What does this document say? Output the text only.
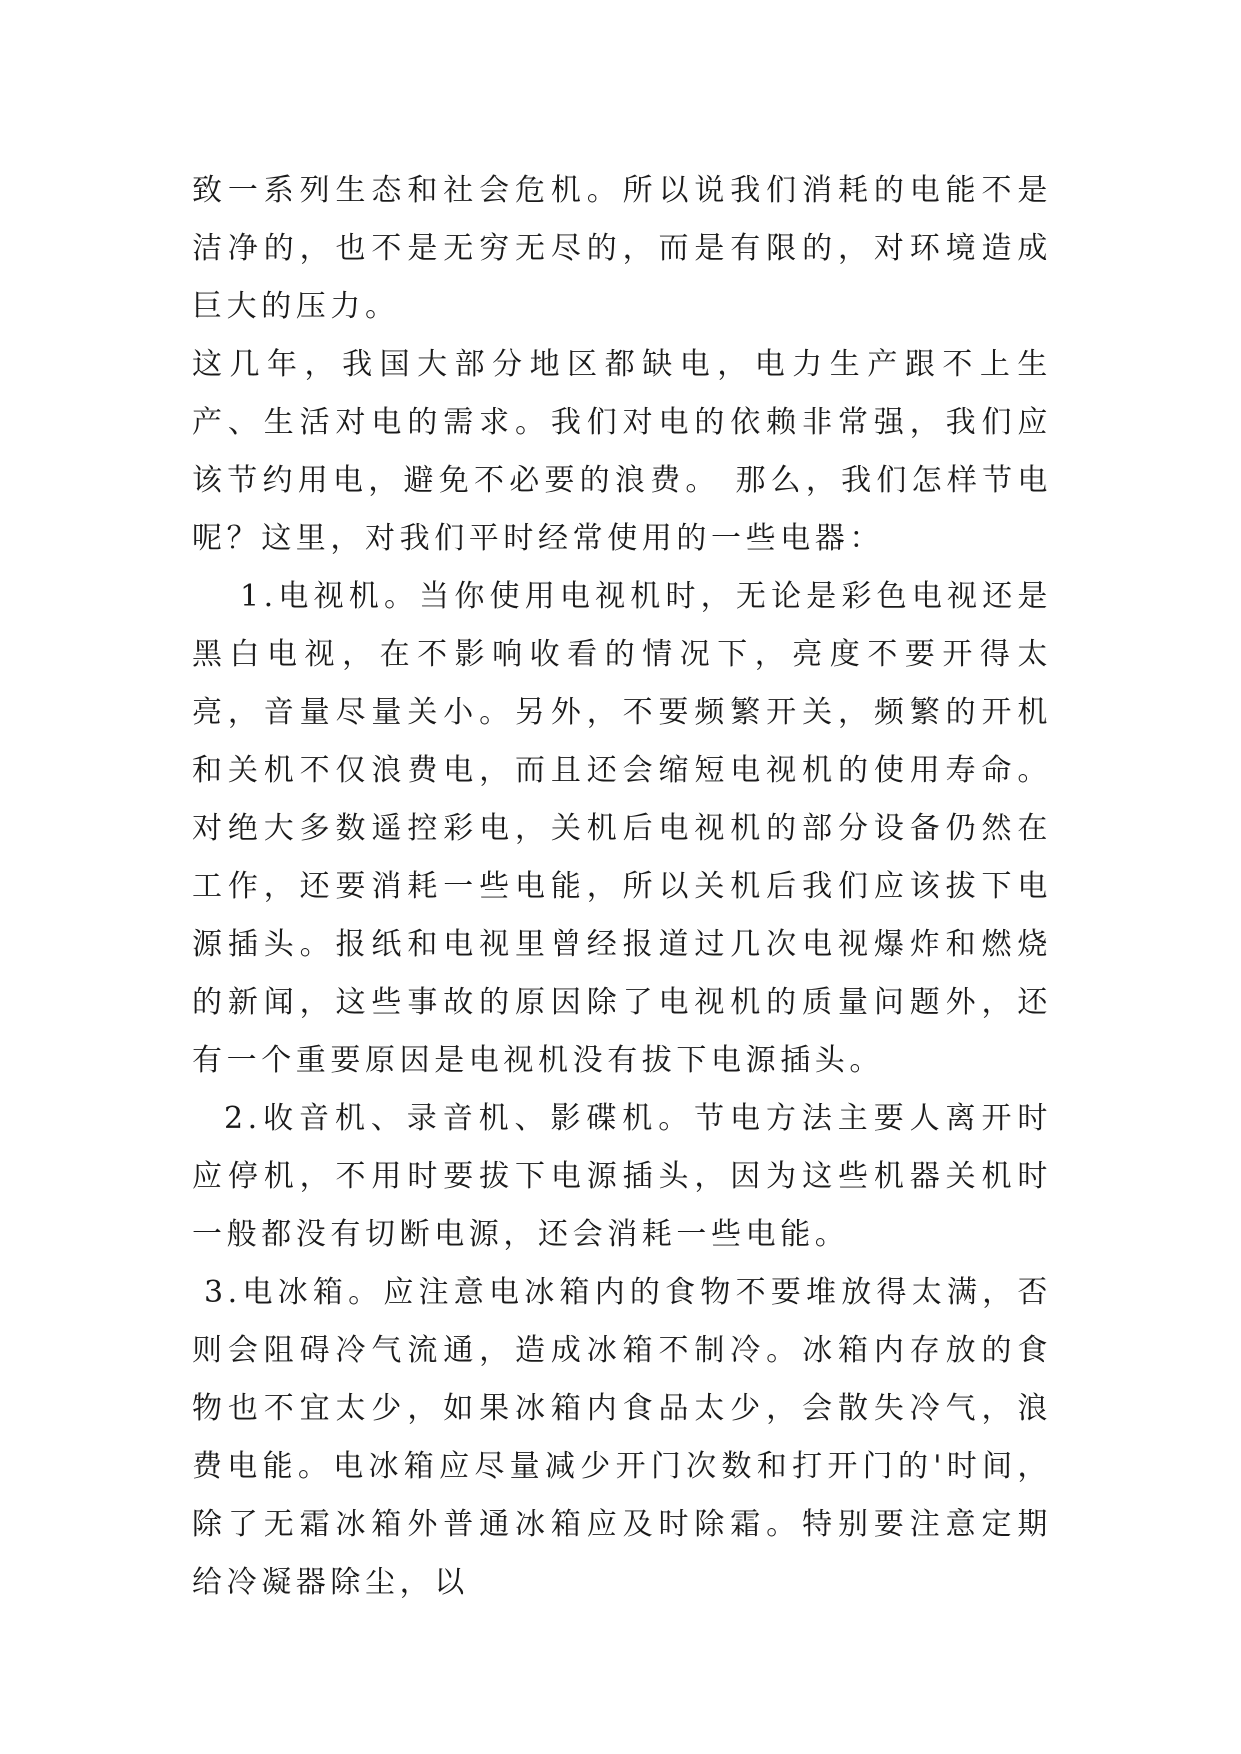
致一系列生态和社会危机。所以说我们消耗的电能不是洁净的，也不是无穷无尽的，而是有限的，对环境造成巨大的压力。

这几年，我国大部分地区都缺电，电力生产跟不上生产、生活对电的需求。我们对电的依赖非常强，我们应该节约用电，避免不必要的浪费。 那么，我们怎样节电呢？这里，对我们平时经常使用的一些电器：

1.电视机。当你使用电视机时，无论是彩色电视还是黑白电视，在不影响收看的情况下，亮度不要开得太亮，音量尽量关小。另外，不要频繁开关，频繁的开机和关机不仅浪费电，而且还会缩短电视机的使用寿命。对绝大多数遥控彩电，关机后电视机的部分设备仍然在工作，还要消耗一些电能，所以关机后我们应该拔下电源插头。报纸和电视里曾经报道过几次电视爆炸和燃烧的新闻，这些事故的原因除了电视机的质量问题外，还有一个重要原因是电视机没有拔下电源插头。

2.收音机、录音机、影碟机。节电方法主要人离开时应停机，不用时要拔下电源插头，因为这些机器关机时一般都没有切断电源，还会消耗一些电能。

3.电冰箱。应注意电冰箱内的食物不要堆放得太满，否则会阻碍冷气流通，造成冰箱不制冷。冰箱内存放的食物也不宜太少，如果冰箱内食品太少，会散失冷气，浪费电能。电冰箱应尽量减少开门次数和打开门的'时间，除了无霜冰箱外普通冰箱应及时除霜。特别要注意定期给冷凝器除尘，以
